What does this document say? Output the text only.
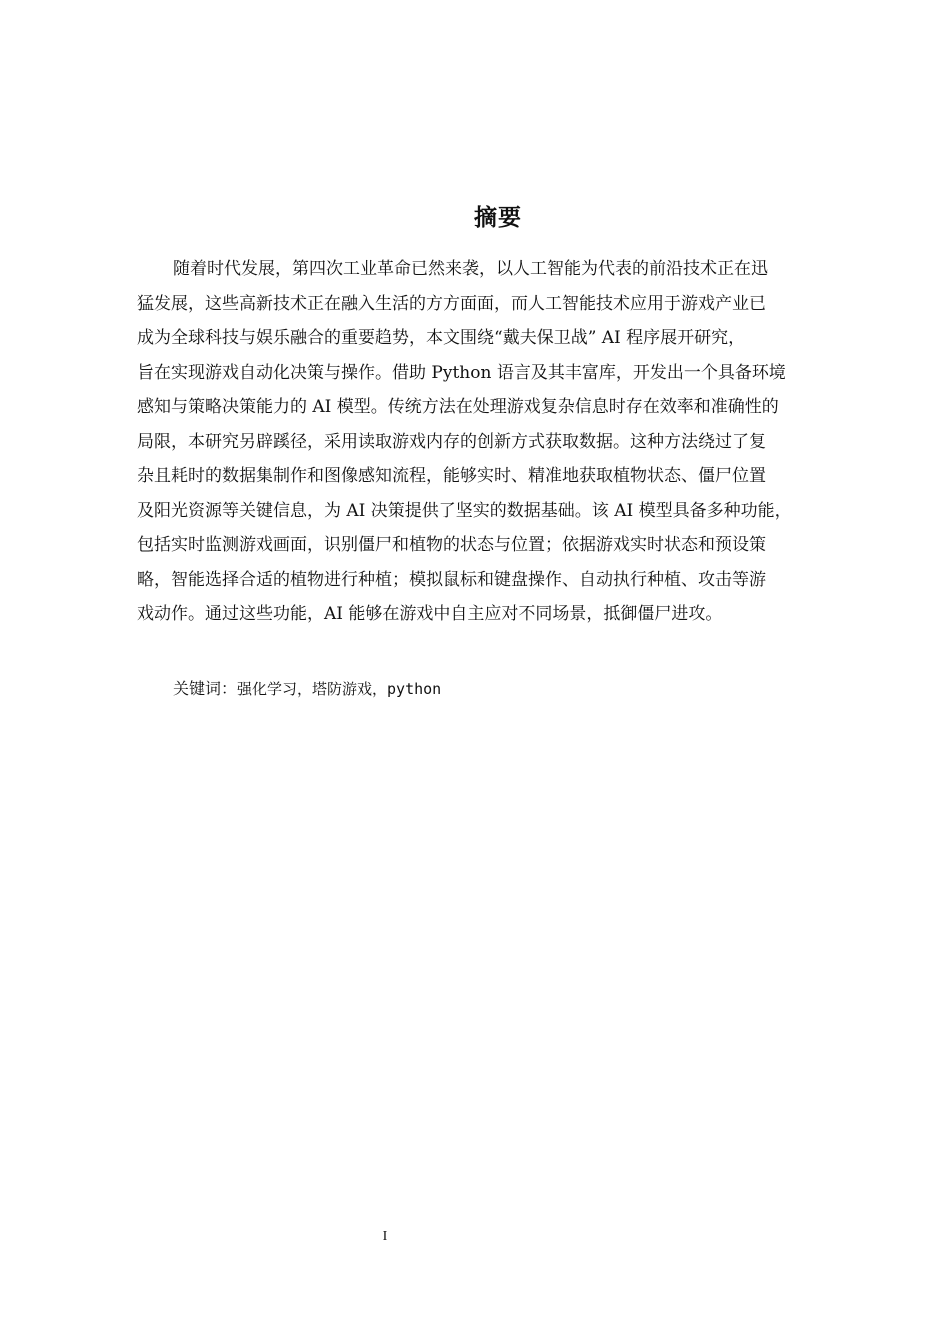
摘要
随着时代发展，第四次工业革命已然来袭，以人工智能为代表的前沿技术正在迅
猛发展，这些高新技术正在融入生活的方方面面，而人工智能技术应用于游戏产业已
成为全球科技与娱乐融合的重要趋势，本文围绕“戴夫保卫战” AI 程序展开研究，
旨在实现游戏自动化决策与操作。借助 Python 语言及其丰富库，开发出一个具备环境
感知与策略决策能力的 AI 模型。传统方法在处理游戏复杂信息时存在效率和准确性的
局限，本研究另辟蹊径，采用读取游戏内存的创新方式获取数据。这种方法绕过了复
杂且耗时的数据集制作和图像感知流程，能够实时、精准地获取植物状态、僵尸位置
及阳光资源等关键信息，为 AI 决策提供了坚实的数据基础。该 AI 模型具备多种功能，
包括实时监测游戏画面，识别僵尸和植物的状态与位置；依据游戏实时状态和预设策
略，智能选择合适的植物进行种植；模拟鼠标和键盘操作、自动执行种植、攻击等游
戏动作。通过这些功能，AI 能够在游戏中自主应对不同场景，抵御僵尸进攻。
关键词：强化学习，塔防游戏，python
I
